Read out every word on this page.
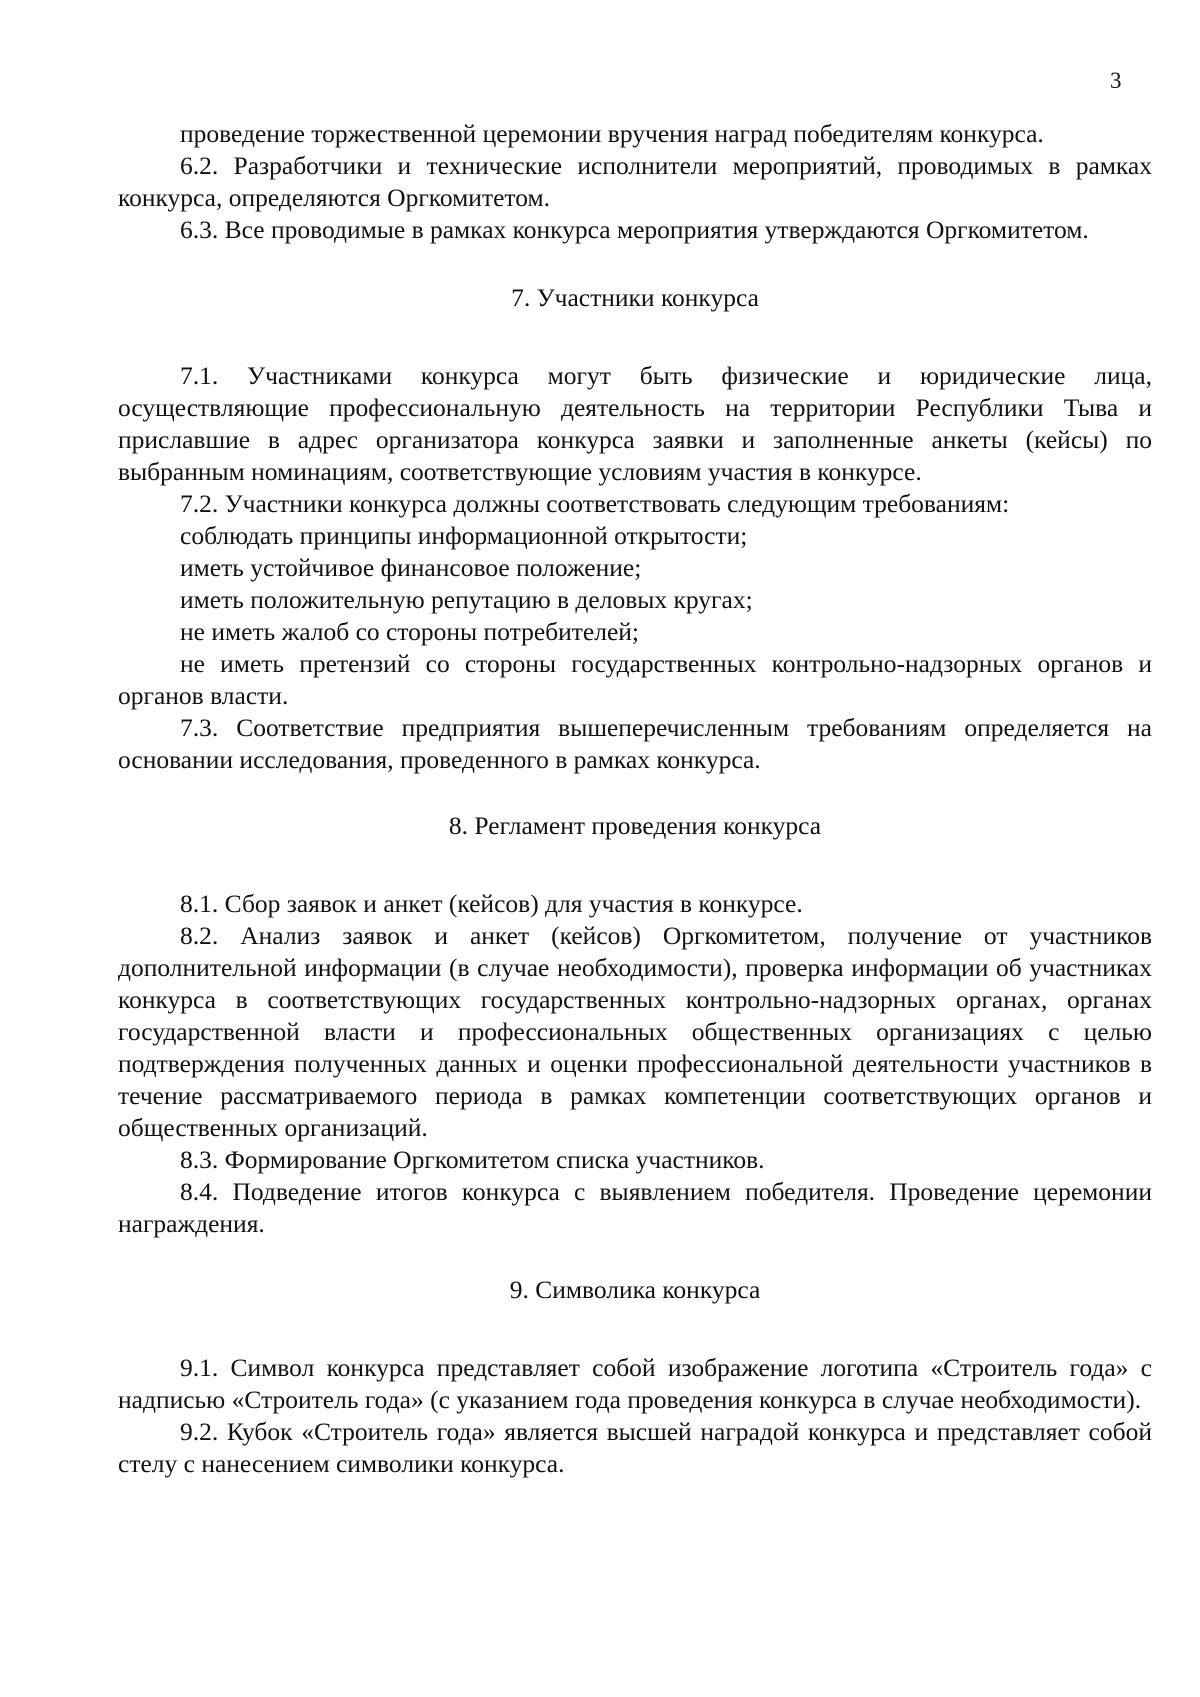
3

проведение торжественной церемонии вручения наград победителям конкурса.

6.2. Разработчики и технические исполнители мероприятий, проводимых в рамках конкурса, определяются Оргкомитетом.

6.3. Все проводимые в рамках конкурса мероприятия утверждаются Оргкомитетом.

7. Участники конкурса

7.1. Участниками конкурса могут быть физические и юридические лица, осуществляющие профессиональную деятельность на территории Республики Тыва и приславшие в адрес организатора конкурса заявки и заполненные анкеты (кейсы) по выбранным номинациям, соответствующие условиям участия в конкурсе.

7.2. Участники конкурса должны соответствовать следующим требованиям:

соблюдать принципы информационной открытости;

иметь устойчивое финансовое положение;

иметь положительную репутацию в деловых кругах;

не иметь жалоб со стороны потребителей;

не иметь претензий со стороны государственных контрольно-надзорных органов и органов власти.

7.3. Соответствие предприятия вышеперечисленным требованиям определяется на основании исследования, проведенного в рамках конкурса.

8. Регламент проведения конкурса

8.1. Сбор заявок и анкет (кейсов) для участия в конкурсе.

8.2. Анализ заявок и анкет (кейсов) Оргкомитетом, получение от участников дополнительной информации (в случае необходимости), проверка информации об участниках конкурса в соответствующих государственных контрольно-надзорных органах, органах государственной власти и профессиональных общественных организациях с целью подтверждения полученных данных и оценки профессиональной деятельности участников в течение рассматриваемого периода в рамках компетенции соответствующих органов и общественных организаций.

8.3. Формирование Оргкомитетом списка участников.

8.4. Подведение итогов конкурса с выявлением победителя. Проведение церемонии награждения.

9. Символика конкурса

9.1. Символ конкурса представляет собой изображение логотипа «Строитель года» с надписью «Строитель года» (с указанием года проведения конкурса в случае необходимости).

9.2. Кубок «Строитель года» является высшей наградой конкурса и представляет собой стелу с нанесением символики конкурса.
